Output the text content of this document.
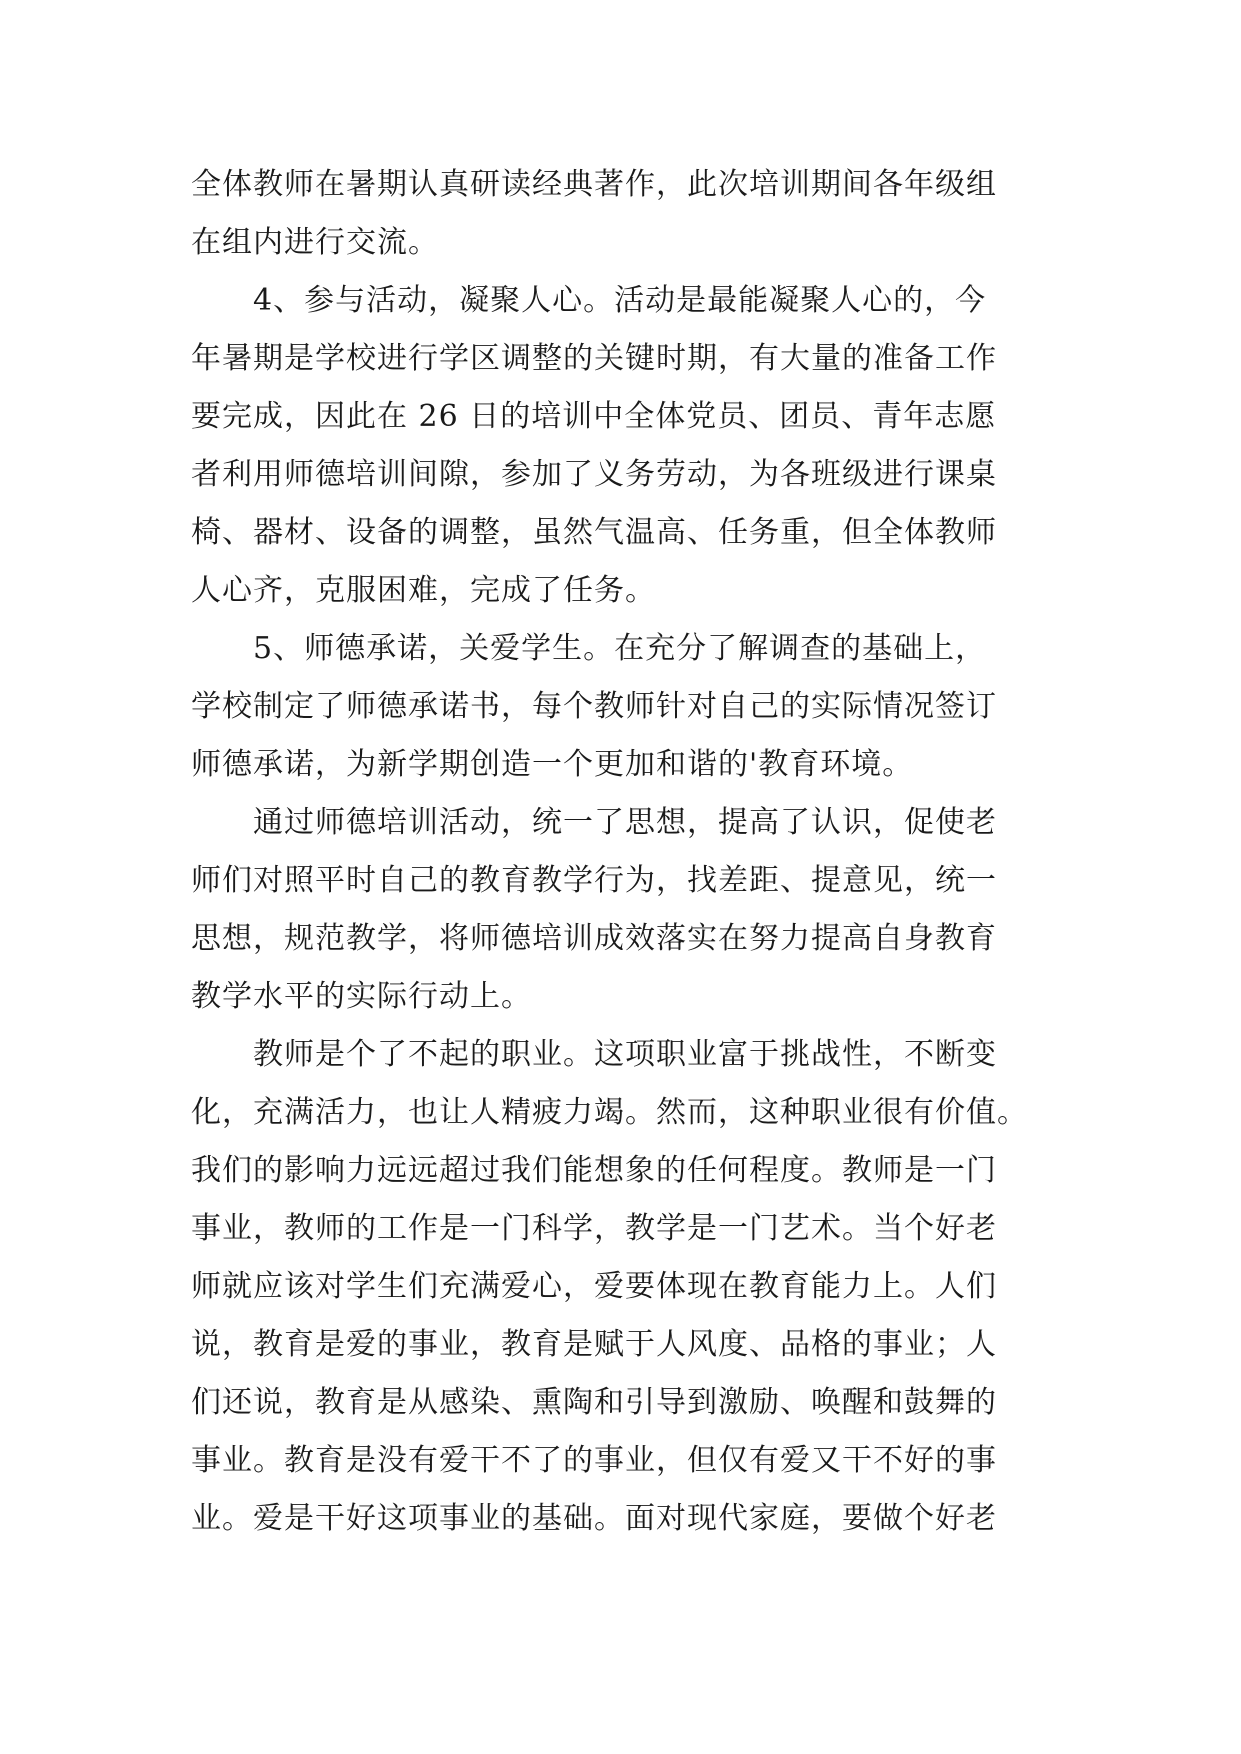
全体教师在暑期认真研读经典著作，此次培训期间各年级组
在组内进行交流。
　　4、参与活动，凝聚人心。活动是最能凝聚人心的，今
年暑期是学校进行学区调整的关键时期，有大量的准备工作
要完成，因此在 26 日的培训中全体党员、团员、青年志愿
者利用师德培训间隙，参加了义务劳动，为各班级进行课桌
椅、器材、设备的调整，虽然气温高、任务重，但全体教师
人心齐，克服困难，完成了任务。
　　5、师德承诺，关爱学生。在充分了解调查的基础上，
学校制定了师德承诺书，每个教师针对自己的实际情况签订
师德承诺，为新学期创造一个更加和谐的'教育环境。
　　通过师德培训活动，统一了思想，提高了认识，促使老
师们对照平时自己的教育教学行为，找差距、提意见，统一
思想，规范教学，将师德培训成效落实在努力提高自身教育
教学水平的实际行动上。
　　教师是个了不起的职业。这项职业富于挑战性，不断变
化，充满活力，也让人精疲力竭。然而，这种职业很有价值。
我们的影响力远远超过我们能想象的任何程度。教师是一门
事业，教师的工作是一门科学，教学是一门艺术。当个好老
师就应该对学生们充满爱心，爱要体现在教育能力上。人们
说，教育是爱的事业，教育是赋于人风度、品格的事业；人
们还说，教育是从感染、熏陶和引导到激励、唤醒和鼓舞的
事业。教育是没有爱干不了的事业，但仅有爱又干不好的事
业。爱是干好这项事业的基础。面对现代家庭，要做个好老
